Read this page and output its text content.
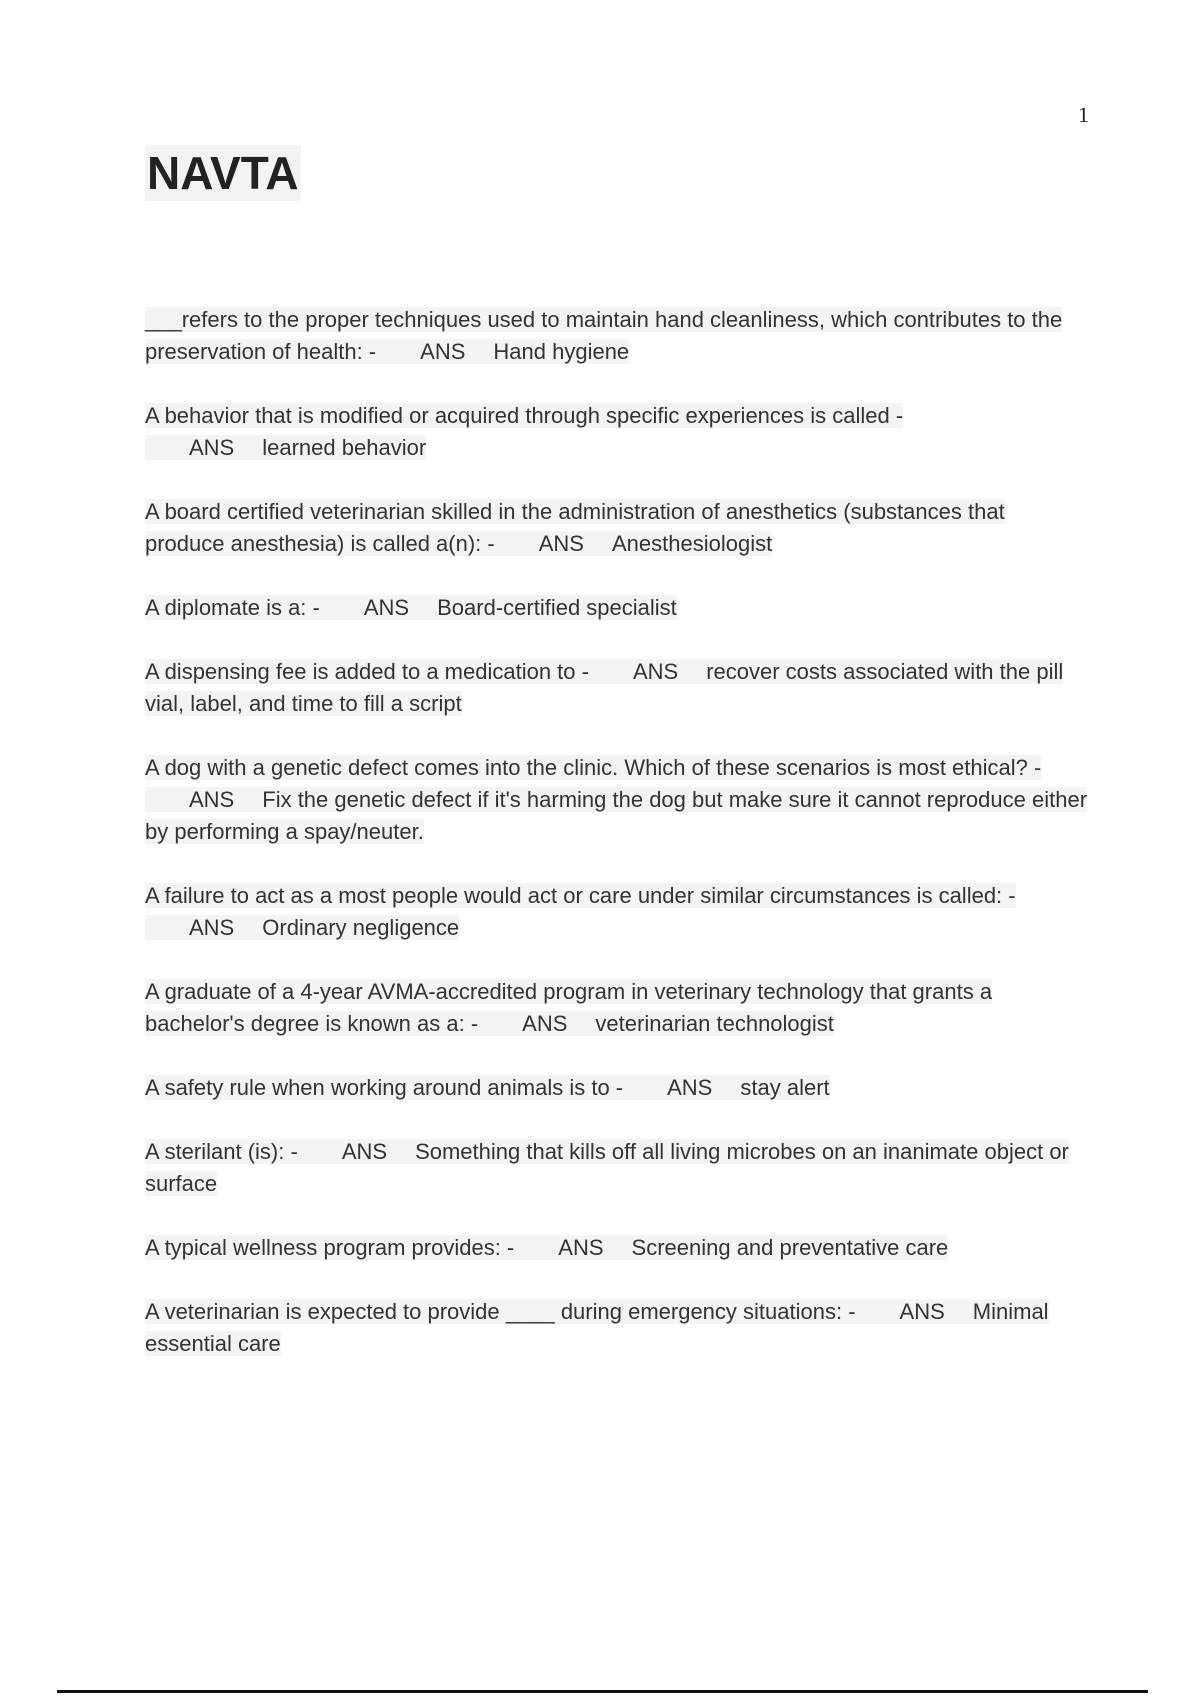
1
NAVTA

___refers to the proper techniques used to maintain hand cleanliness, which contributes to the preservation of health: - ANS Hand hygiene

A behavior that is modified or acquired through specific experiences is called -ANS learned behavior

A board certified veterinarian skilled in the administration of anesthetics (substances that produce anesthesia) is called a(n): - ANS Anesthesiologist

A diplomate is a: - ANS Board-certified specialist

A dispensing fee is added to a medication to - ANS recover costs associated with the pill vial, label, and time to fill a script

A dog with a genetic defect comes into the clinic. Which of these scenarios is most ethical? -ANS Fix the genetic defect if it's harming the dog but make sure it cannot reproduce either by performing a spay/neuter.

A failure to act as a most people would act or care under similar circumstances is called: -ANS Ordinary negligence

A graduate of a 4-year AVMA-accredited program in veterinary technology that grants a bachelor's degree is known as a: - ANS veterinarian technologist

A safety rule when working around animals is to - ANS stay alert

A sterilant (is): - ANS Something that kills off all living microbes on an inanimate object or surface

A typical wellness program provides: - ANS Screening and preventative care

A veterinarian is expected to provide ____ during emergency situations: - ANS Minimal essential care
